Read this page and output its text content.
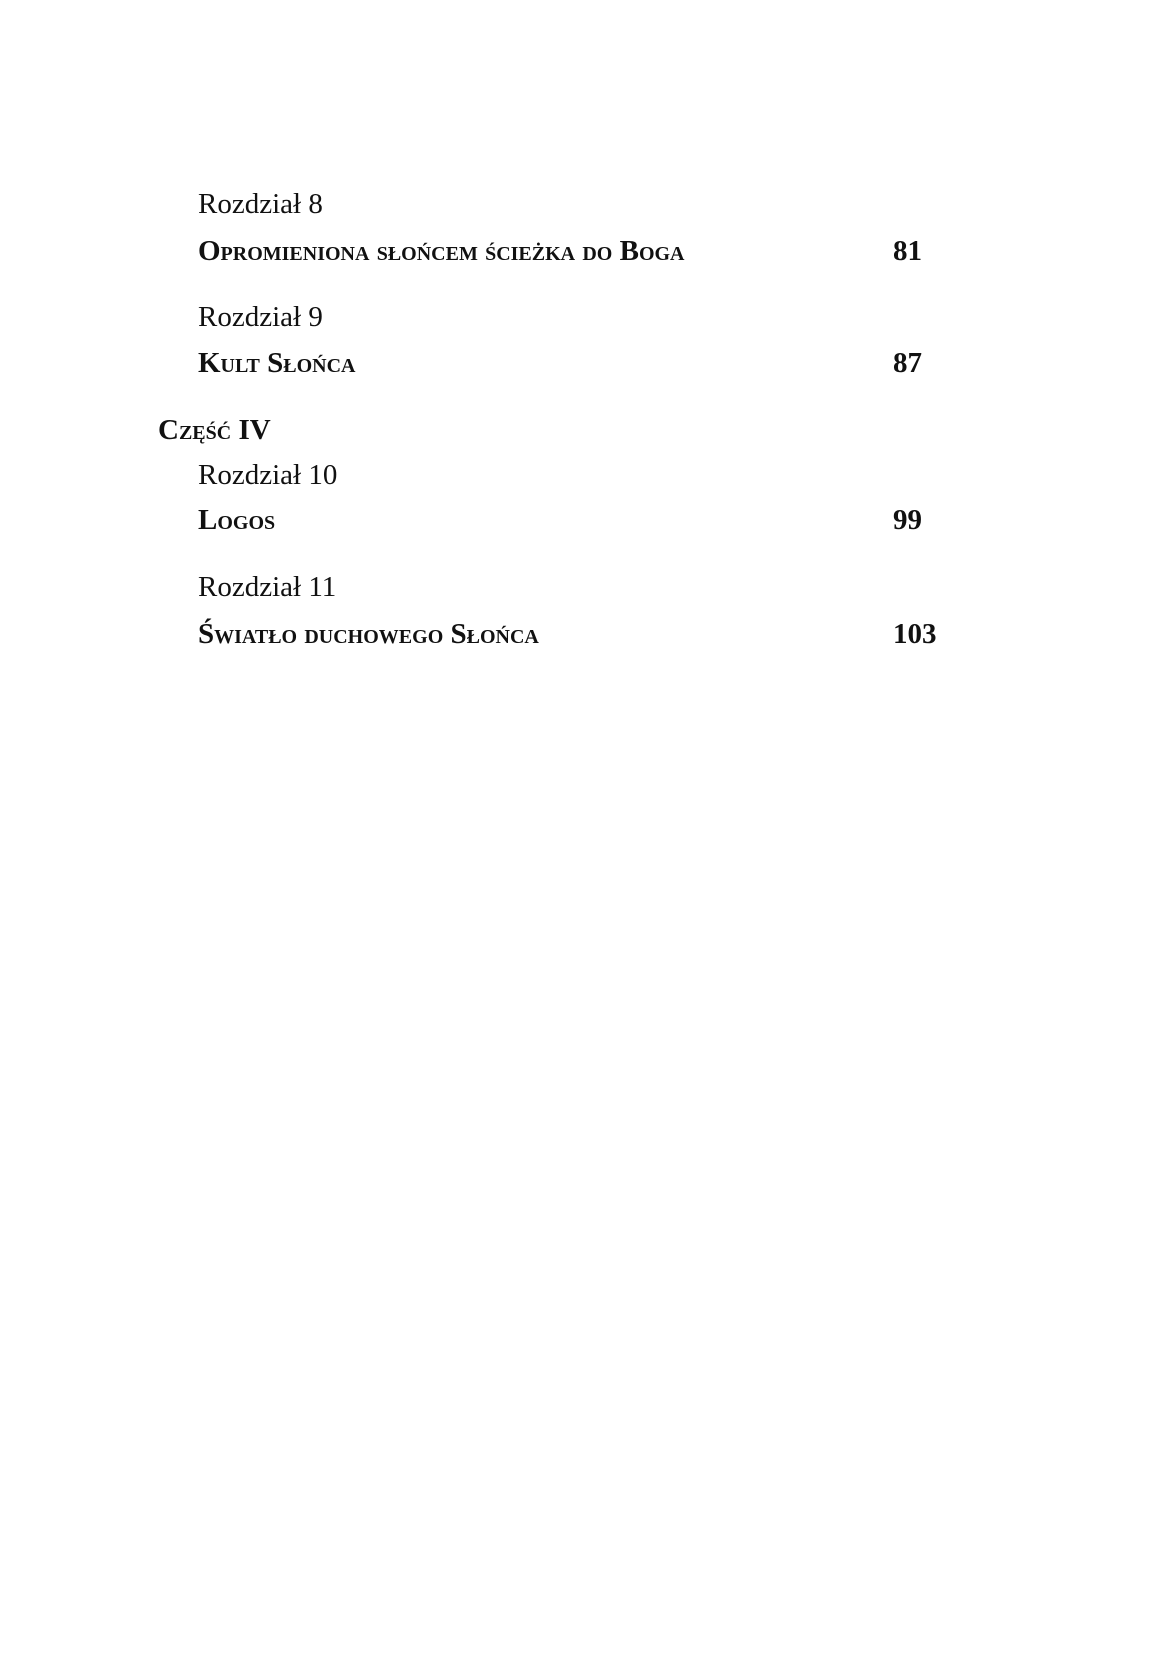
Rozdział 8
Opromieniona słońcem ścieżka do Boga	81
Rozdział 9
Kult Słońca	87
Część IV
Rozdział 10
Logos	99
Rozdział 11
Światło duchowego Słońca	103
